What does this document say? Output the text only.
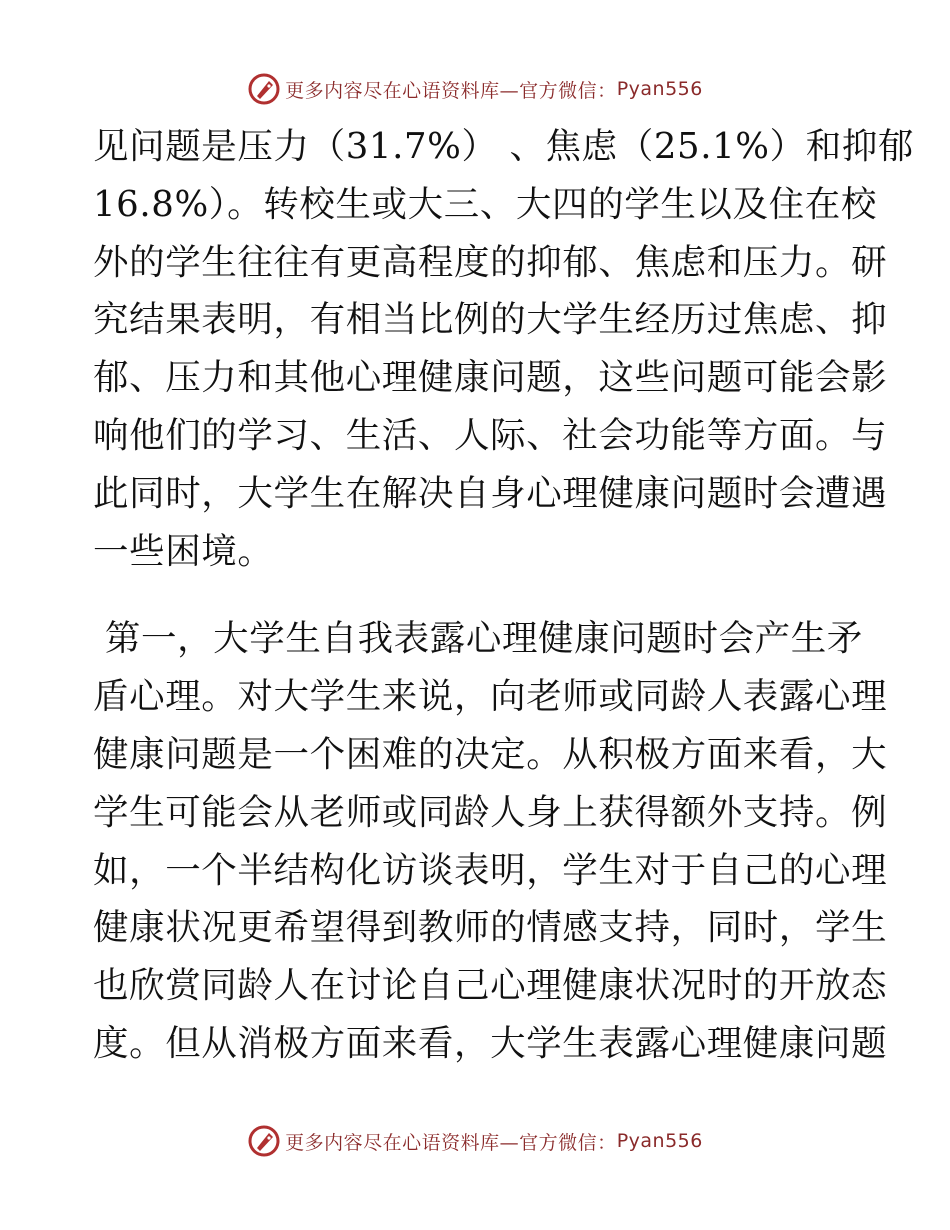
更多内容尽在心语资料库— 官方微信： Pyan556

见问题是压力（31.7%） 、焦虑（25.1%）和抑郁
16.8%）。转校生或大三、大四的学生以及住在校
外的学生往往有更高程度的抑郁、焦虑和压力。研
究结果表明，有相当比例的大学生经历过焦虑、抑
郁、压力和其他心理健康问题，这些问题可能会影
响他们的学习、生活、人际、社会功能等方面。与
此同时，大学生在解决自身心理健康问题时会遭遇
一些困境。

第一，大学生自我表露心理健康问题时会产生矛
盾心理。对大学生来说，向老师或同龄人表露心理
健康问题是一个困难的决定。从积极方面来看，大
学生可能会从老师或同龄人身上获得额外支持。例
如，一个半结构化访谈表明，学生对于自己的心理
健康状况更希望得到教师的情感支持，同时，学生
也欣赏同龄人在讨论自己心理健康状况时的开放态
度。但从消极方面来看，大学生表露心理健康问题

更多内容尽在心语资料库— 官方微信： Pyan556
